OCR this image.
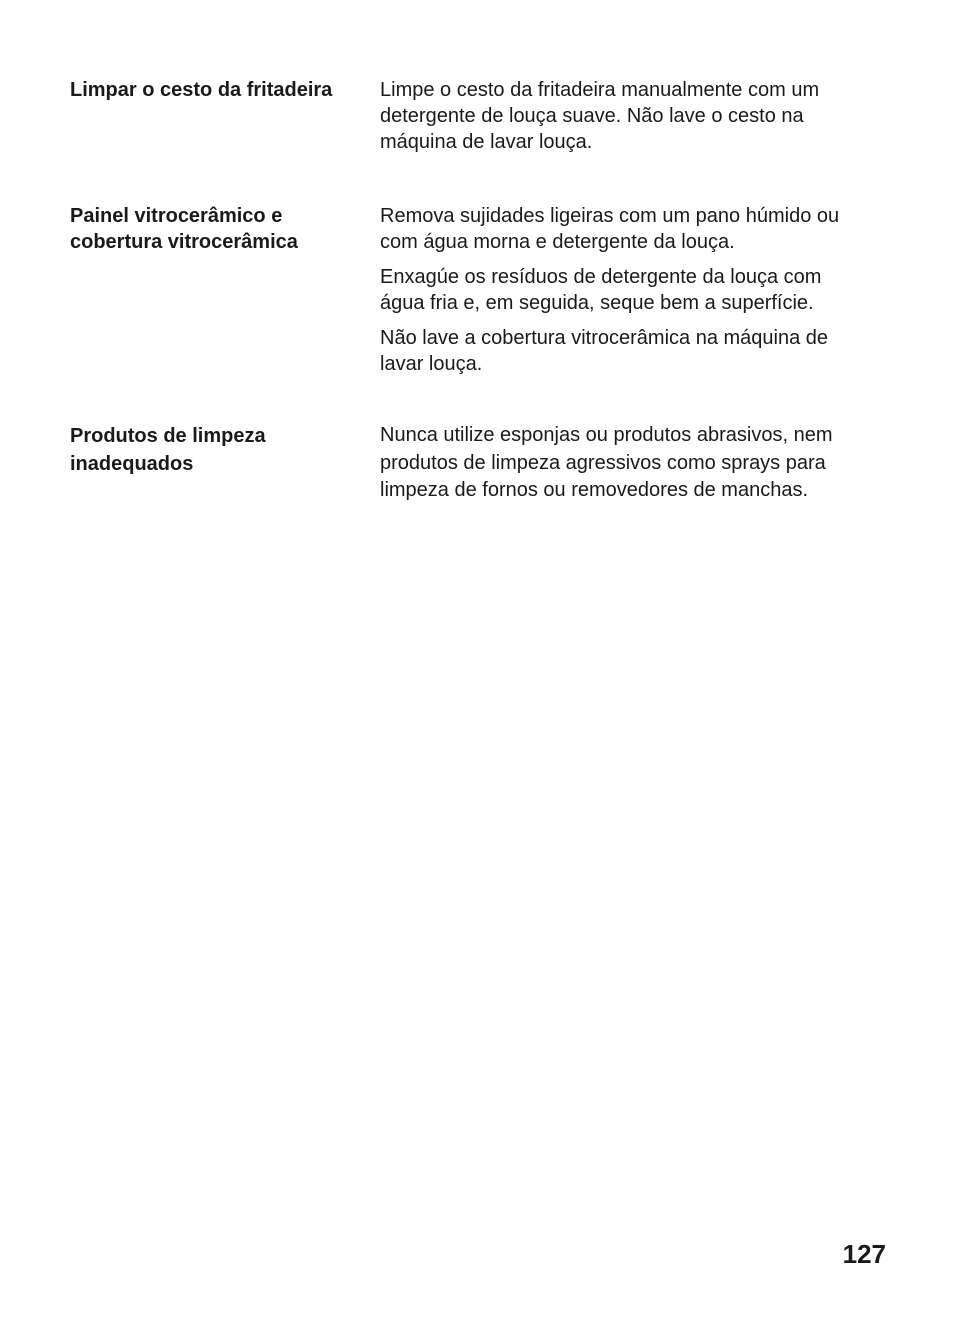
Limpar o cesto da fritadeira	Limpe o cesto da fritadeira manualmente com um
detergente de louça suave. Não lave o cesto na
máquina de lavar louça.

Painel vitrocerâmico e
cobertura vitrocerâmica

Remova sujidades ligeiras com um pano húmido ou
com água morna e detergente da louça.

Enxagúe os resíduos de detergente da louça com
água fria e, em seguida, seque bem a superfície.

Não lave a cobertura vitrocerâmica na máquina de
lavar louça.

Produtos de limpeza
inadequados

Nunca utilize esponjas ou produtos abrasivos, nem
produtos de limpeza agressivos como sprays para
limpeza de fornos ou removedores de manchas.

127
